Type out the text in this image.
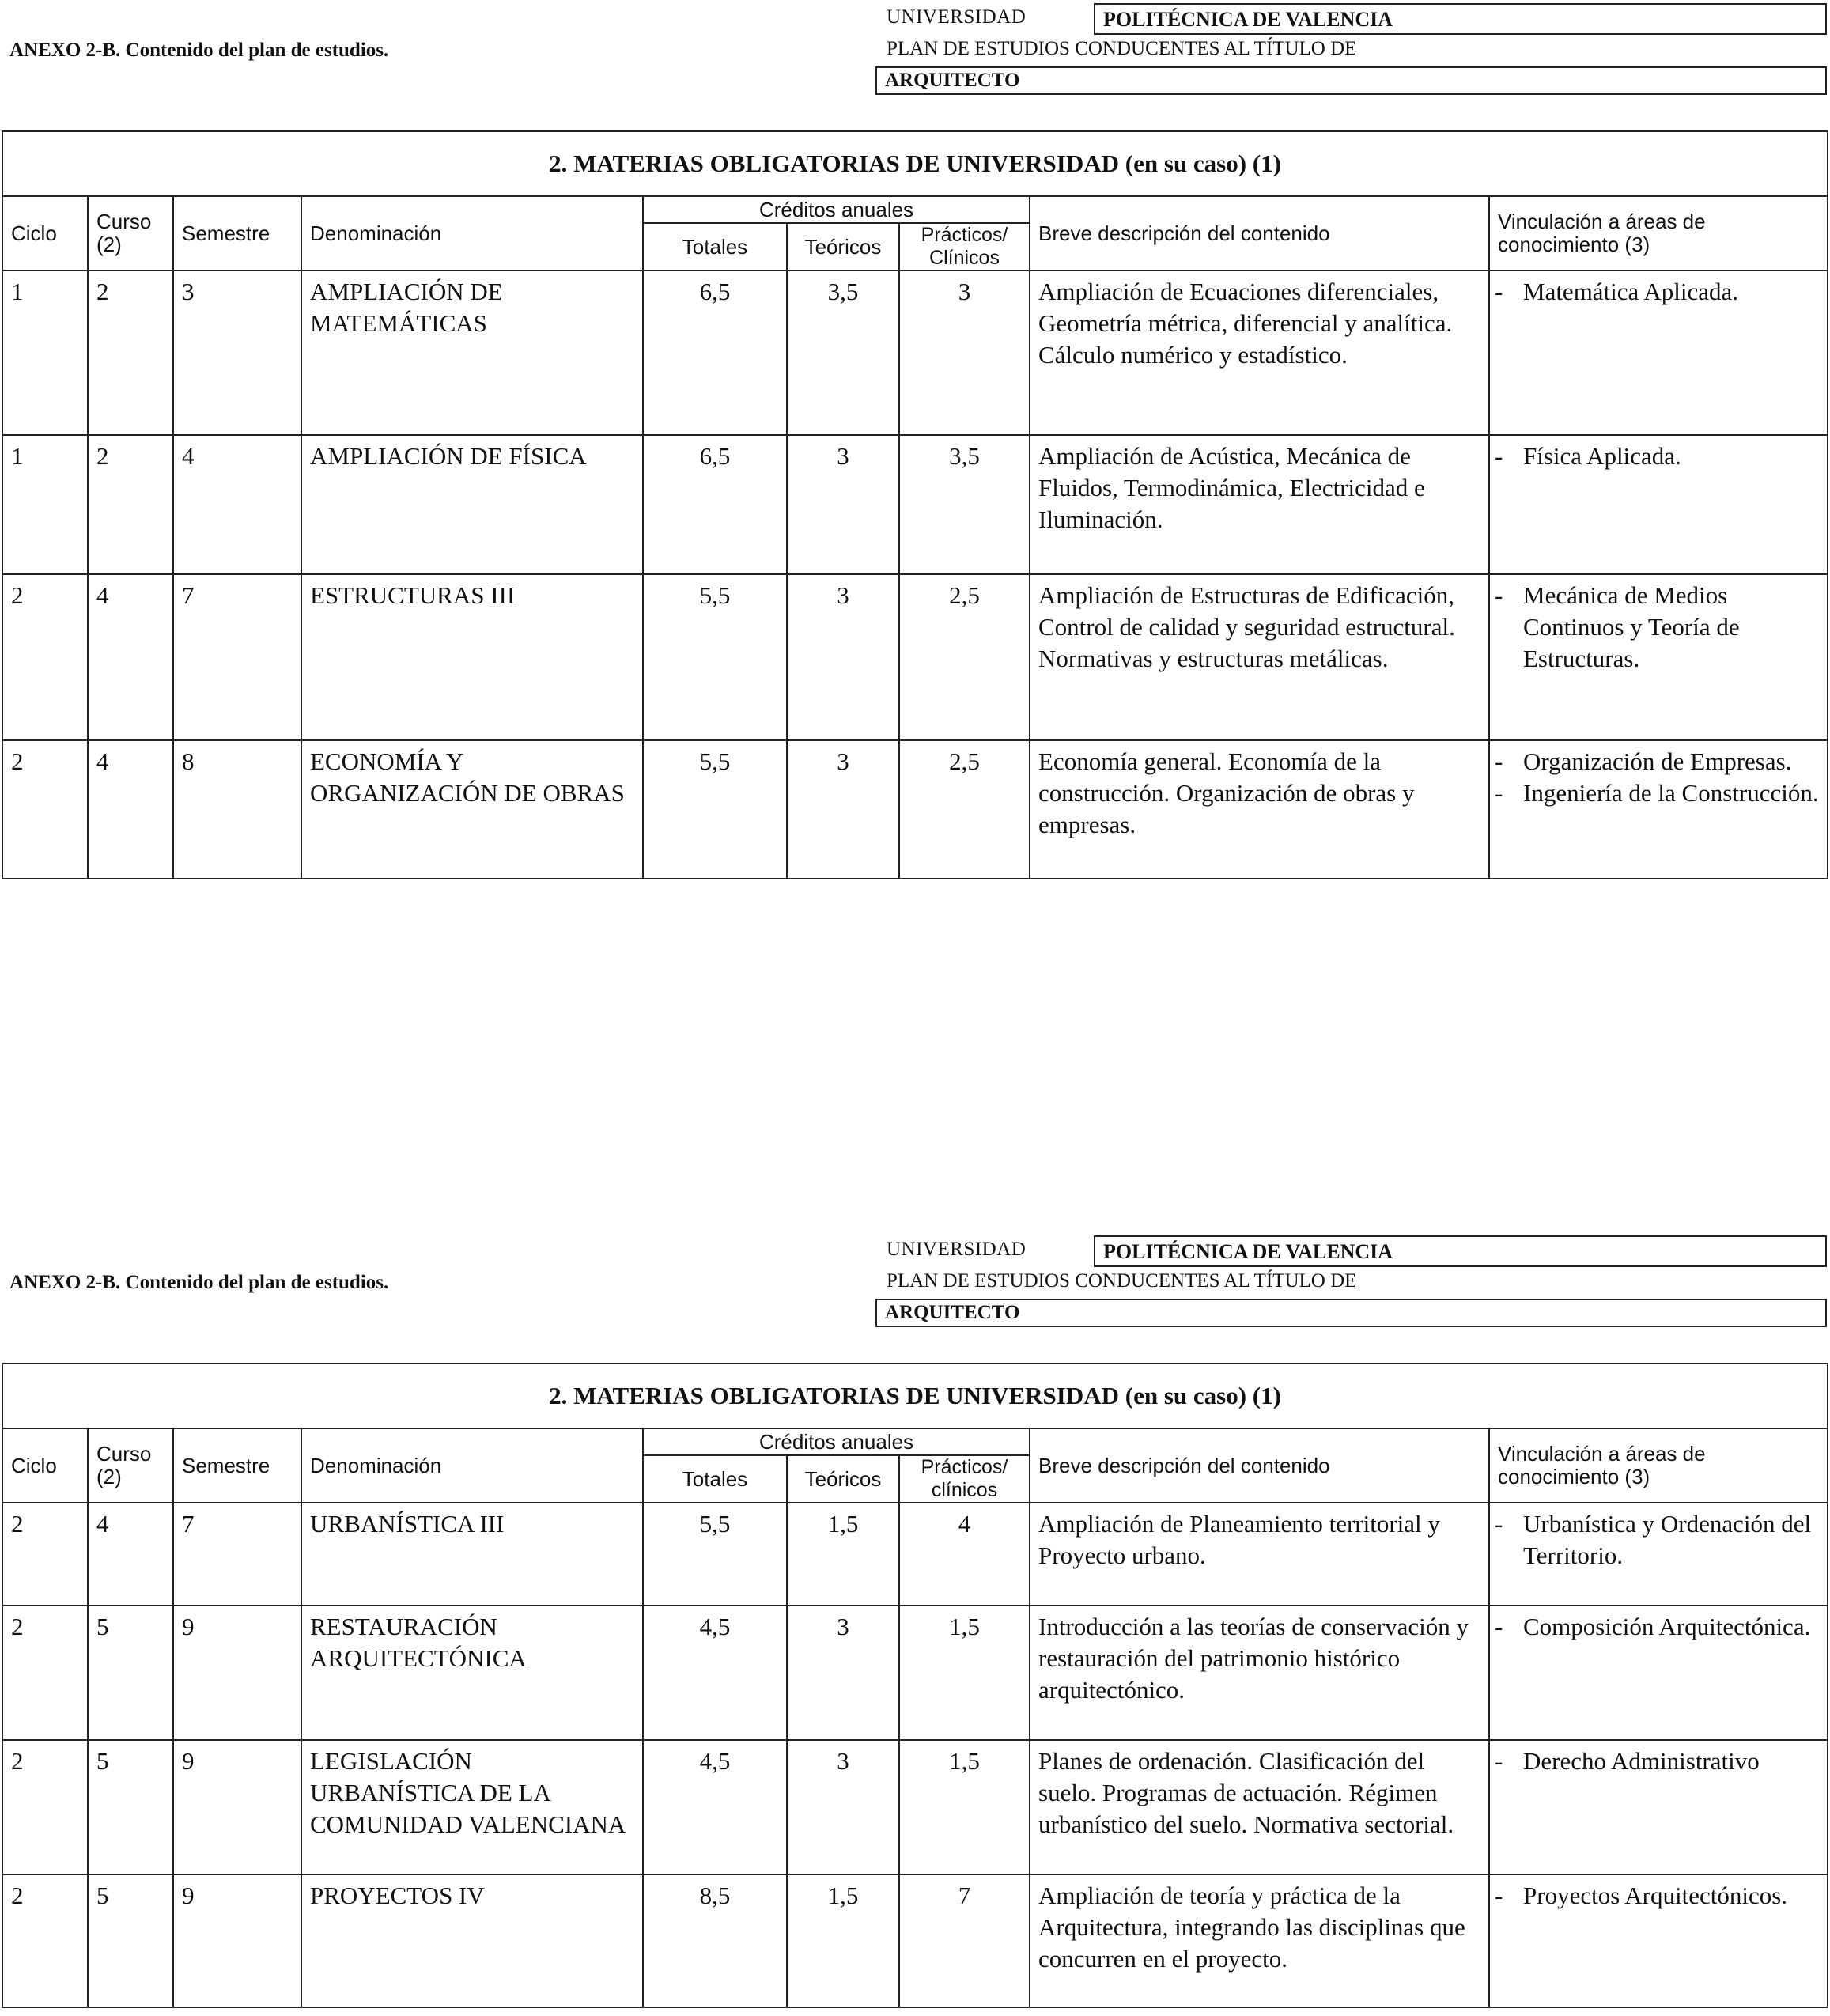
UNIVERSIDAD	POLITÉCNICA DE VALENCIA
ANEXO 2-B. Contenido del plan de estudios.	PLAN DE ESTUDIOS CONDUCENTES AL TÍTULO DE
ARQUITECTO
2. MATERIAS OBLIGATORIAS DE UNIVERSIDAD (en su caso) (1)								
Ciclo	Curso (2)	Semestre	Denominación	Créditos anuales			Breve descripción del contenido	Vinculación a áreas de conocimiento (3)
				Totales	Teóricos	Prácticos/ Clínicos		
1	2	3	AMPLIACIÓN DE MATEMÁTICAS	6,5	3,5	3	Ampliación de Ecuaciones diferenciales, Geometría métrica, diferencial y analítica. Cálculo numérico y estadístico.	- Matemática Aplicada.

1	2	4	AMPLIACIÓN DE FÍSICA	6,5	3	3,5	Ampliación de Acústica, Mecánica de Fluidos, Termodinámica, Electricidad e Iluminación.	- Física Aplicada.

2	4	7	ESTRUCTURAS III	5,5	3	2,5	Ampliación de Estructuras de Edificación, Control de calidad y seguridad estructural. Normativas y estructuras metálicas.	- Mecánica de Medios Continuos y Teoría de Estructuras.

2	4	8	ECONOMÍA Y ORGANIZACIÓN DE OBRAS	5,5	3	2,5	Economía general. Economía de la construcción. Organización de obras y empresas.	- Organización de Empresas.
- Ingeniería de la Construcción.
UNIVERSIDAD	POLITÉCNICA DE VALENCIA
ANEXO 2-B. Contenido del plan de estudios.	PLAN DE ESTUDIOS CONDUCENTES AL TÍTULO DE
ARQUITECTO
2. MATERIAS OBLIGATORIAS DE UNIVERSIDAD (en su caso) (1)								
Ciclo	Curso (2)	Semestre	Denominación	Créditos anuales			Breve descripción del contenido	Vinculación a áreas de conocimiento (3)
				Totales	Teóricos	Prácticos/ clínicos		
2	4	7	URBANÍSTICA III	5,5	1,5	4	Ampliación de Planeamiento territorial y Proyecto urbano.	- Urbanística y Ordenación del Territorio.

2	5	9	RESTAURACIÓN ARQUITECTÓNICA	4,5	3	1,5	Introducción a las teorías de conservación y restauración del patrimonio histórico arquitectónico.	- Composición Arquitectónica.

2	5	9	LEGISLACIÓN URBANÍSTICA DE LA COMUNIDAD VALENCIANA	4,5	3	1,5	Planes de ordenación. Clasificación del suelo. Programas de actuación. Régimen urbanístico del suelo. Normativa sectorial.	- Derecho Administrativo

2	5	9	PROYECTOS IV	8,5	1,5	7	Ampliación de teoría y práctica de la Arquitectura, integrando las disciplinas que concurren en el proyecto.	- Proyectos Arquitectónicos.
